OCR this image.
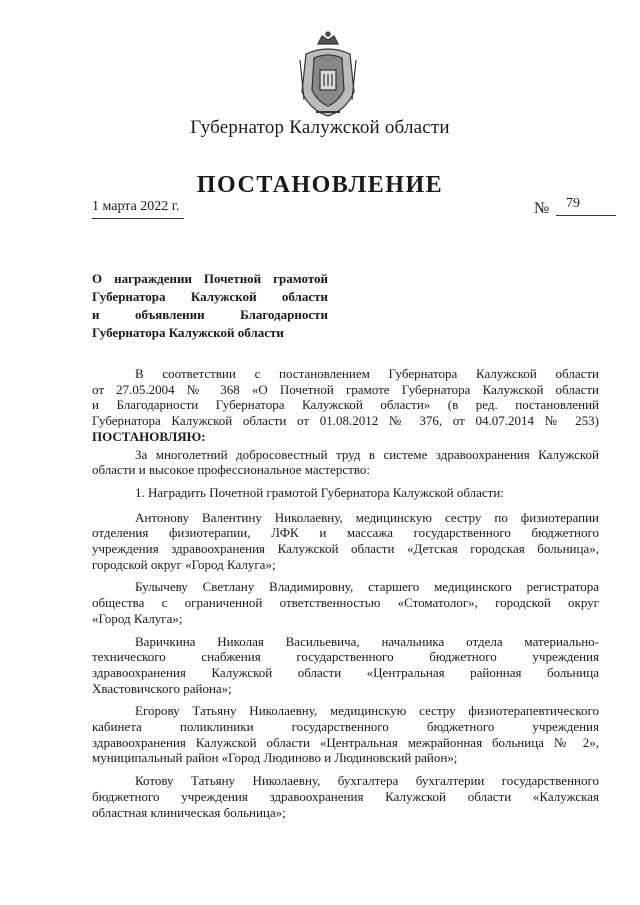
Губернатор Калужской области
ПОСТАНОВЛЕНИЕ
1 марта 2022 г.	№ 79
О награждении Почетной грамотой
Губернатора Калужской области
и объявлении Благодарности
Губернатора Калужской области
В соответствии с постановлением Губернатора Калужской области
от 27.05.2004 № 368 «О Почетной грамоте Губернатора Калужской области
и Благодарности Губернатора Калужской области» (в ред. постановлений
Губернатора Калужской области от 01.08.2012 № 376, от 04.07.2014 № 253)
ПОСТАНОВЛЯЮ:
За многолетний добросовестный труд в системе здравоохранения Калужской
области и высокое профессиональное мастерство:
1. Наградить Почетной грамотой Губернатора Калужской области:
Антонову Валентину Николаевну, медицинскую сестру по физиотерапии
отделения физиотерапии, ЛФК и массажа государственного бюджетного
учреждения здравоохранения Калужской области «Детская городская больница»,
городской округ «Город Калуга»;
Булычеву Светлану Владимировну, старшего медицинского регистратора
общества с ограниченной ответственностью «Стоматолог», городской округ
«Город Калуга»;
Варичкина Николая Васильевича, начальника отдела материально-
технического снабжения государственного бюджетного учреждения
здравоохранения Калужской области «Центральная районная больница
Хвастовичского района»;
Егорову Татьяну Николаевну, медицинскую сестру физиотерапевтического
кабинета поликлиники государственного бюджетного учреждения
здравоохранения Калужской области «Центральная межрайонная больница № 2»,
муниципальный район «Город Людиново и Людиновский район»;
Котову Татьяну Николаевну, бухгалтера бухгалтерии государственного
бюджетного учреждения здравоохранения Калужской области «Калужская
областная клиническая больница»;
